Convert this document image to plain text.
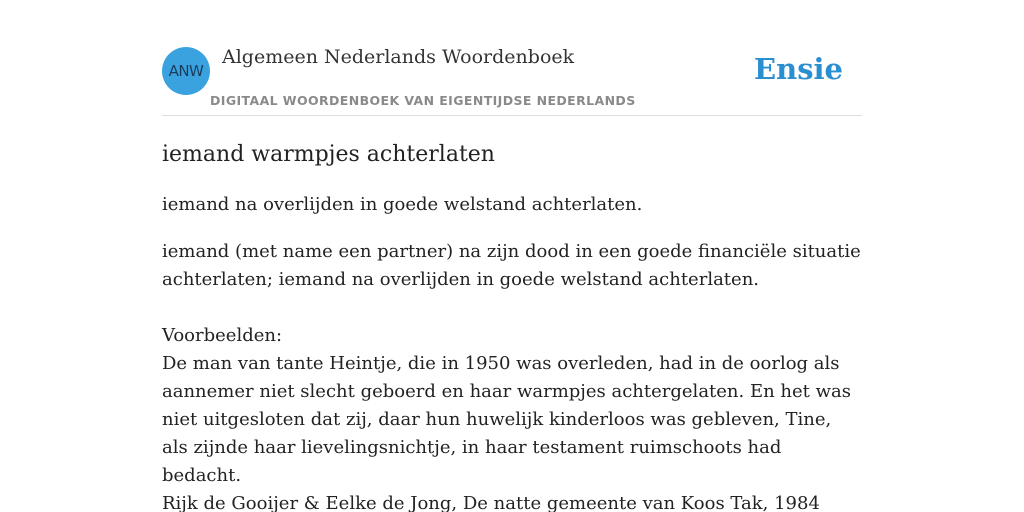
ANW
Algemeen Nederlands Woordenboek
DIGITAAL WOORDENBOEK VAN EIGENTIJDSE NEDERLANDS
Ensie
iemand warmpjes achterlaten

iemand na overlijden in goede welstand achterlaten.

iemand (met name een partner) na zijn dood in een goede financiële situatie achterlaten; iemand na overlijden in goede welstand achterlaten.

Voorbeelden:
De man van tante Heintje, die in 1950 was overleden, had in de oorlog als aannemer niet slecht geboerd en haar warmpjes achtergelaten. En het was niet uitgesloten dat zij, daar hun huwelijk kinderloos was gebleven, Tine, als zijnde haar lievelingsnichtje, in haar testament ruimschoots had bedacht.
Rijk de Gooijer & Eelke de Jong, De natte gemeente van Koos Tak, 1984
